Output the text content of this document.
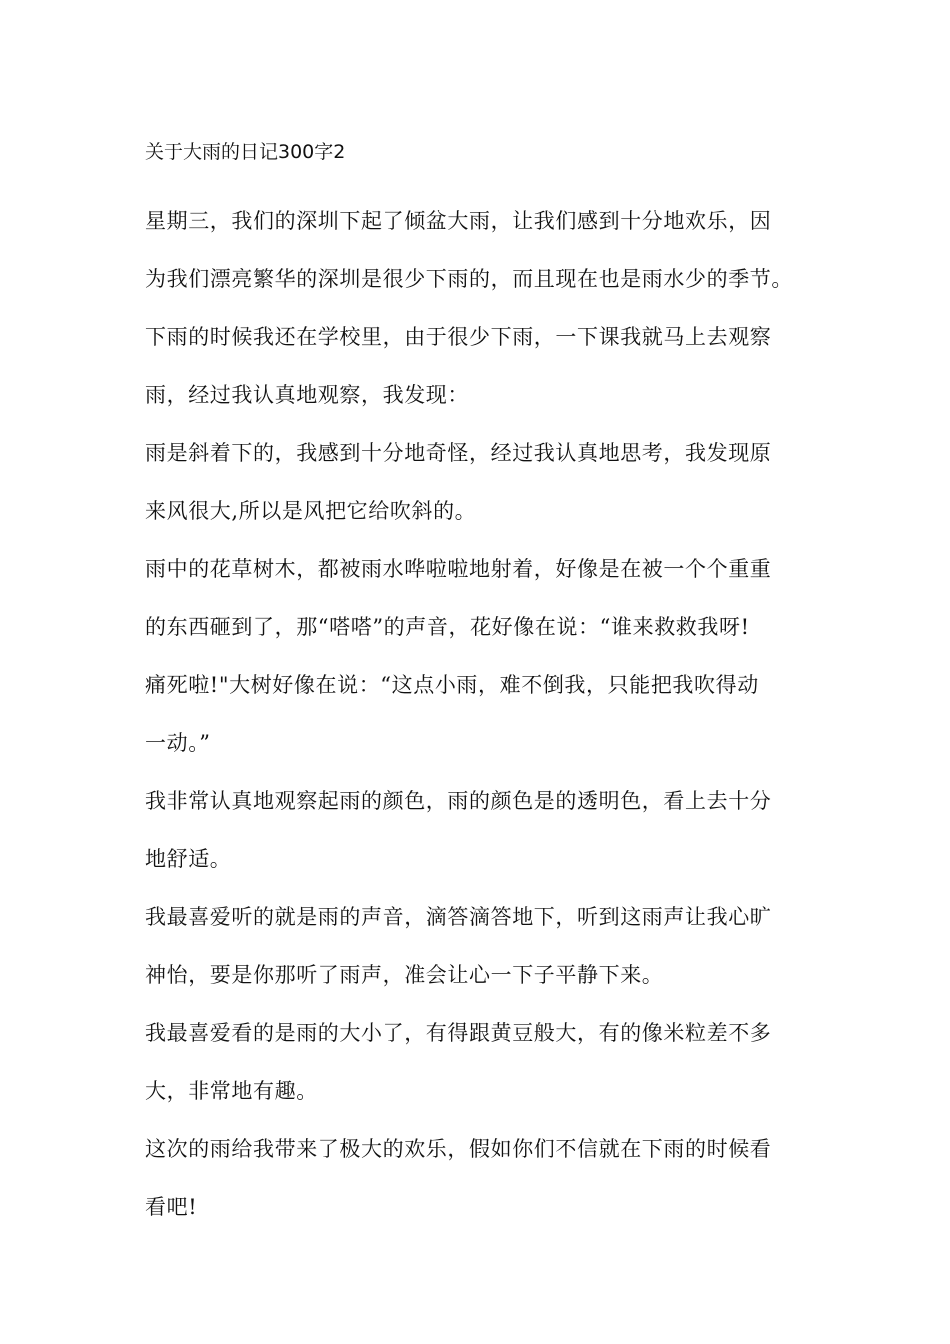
关于大雨的日记300字2

星期三，我们的深圳下起了倾盆大雨，让我们感到十分地欢乐，因
为我们漂亮繁华的深圳是很少下雨的，而且现在也是雨水少的季节。

下雨的时候我还在学校里，由于很少下雨，一下课我就马上去观察
雨，经过我认真地观察，我发现：

雨是斜着下的，我感到十分地奇怪，经过我认真地思考，我发现原
来风很大,所以是风把它给吹斜的。

雨中的花草树木，都被雨水哗啦啦地射着，好像是在被一个个重重
的东西砸到了，那“嗒嗒”的声音，花好像在说：“谁来救救我呀!
痛死啦!"大树好像在说：“这点小雨，难不倒我，只能把我吹得动
一动。”

我非常认真地观察起雨的颜色，雨的颜色是的透明色，看上去十分
地舒适。

我最喜爱听的就是雨的声音，滴答滴答地下，听到这雨声让我心旷
神怡，要是你那听了雨声，准会让心一下子平静下来。

我最喜爱看的是雨的大小了，有得跟黄豆般大，有的像米粒差不多
大，非常地有趣。

这次的雨给我带来了极大的欢乐，假如你们不信就在下雨的时候看
看吧!
